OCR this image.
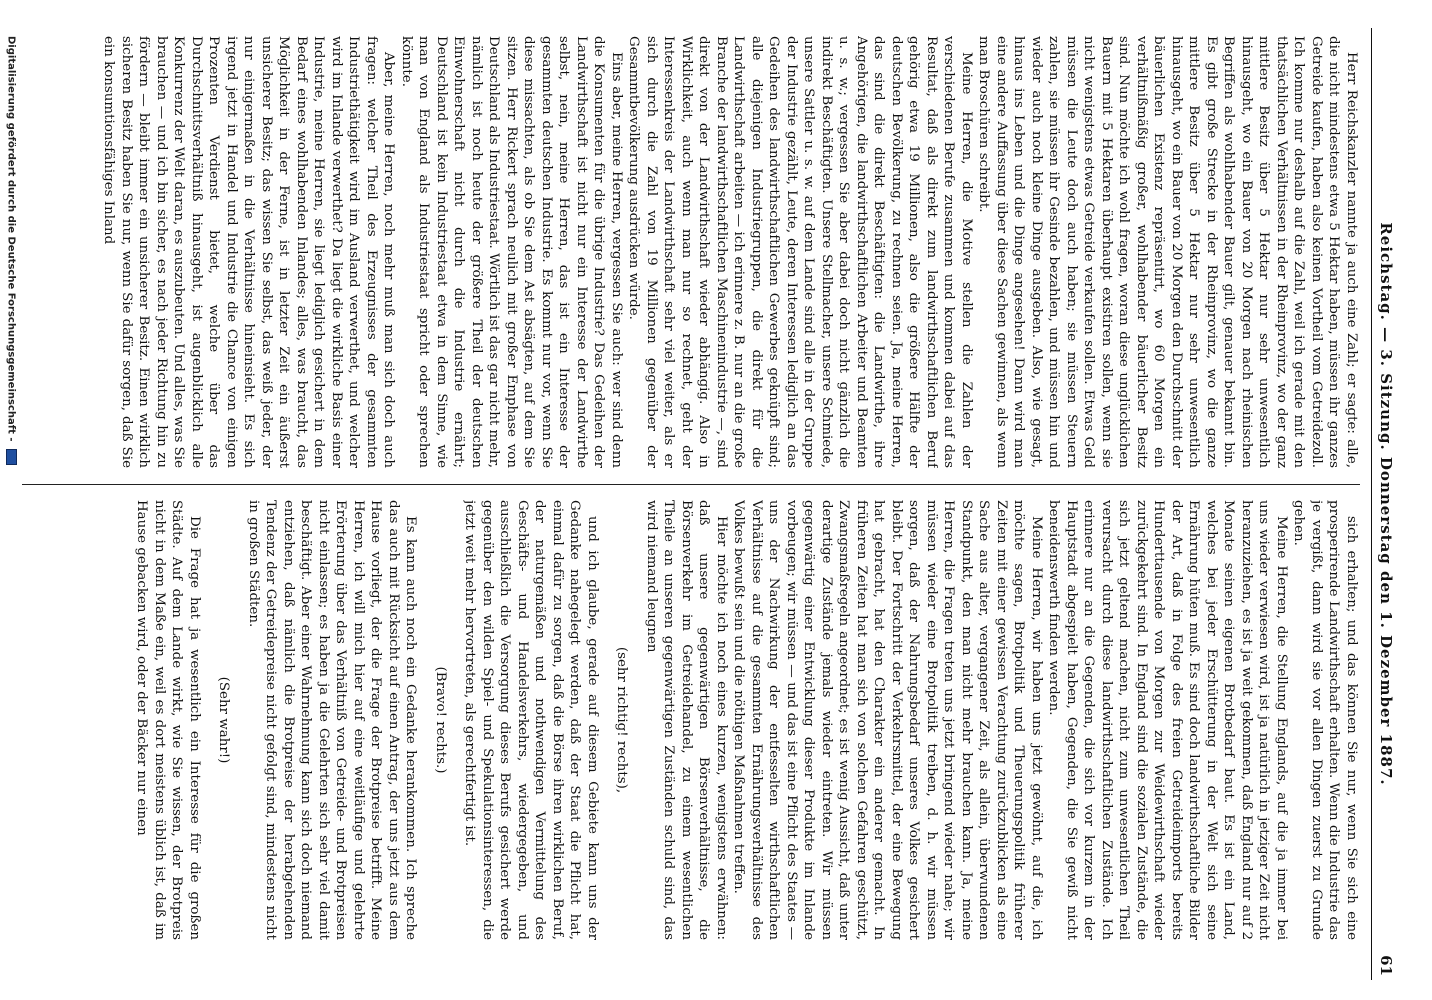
Reichstag. — 3. Sitzung. Donnerstag den 1. Dezember 1887.
61

Herr Reichskanzler nannte ja auch eine Zahl; er sagte: alle, die nicht mindestens etwa 5 Hektar haben, müssen ihr ganzes Getreide kaufen, haben also keinen Vortheil vom Getreidezoll. Ich komme nur deshalb auf die Zahl, weil ich gerade mit den thatsächlichen Verhältnissen in der Rheinprovinz, wo der ganz mittlere Besitz über 5 Hektar nur sehr unwesentlich hinausgeht, wo ein Bauer von 20 Morgen nach rheinischen Begriffen als wohlhabender Bauer gilt, genauer bekannt bin. Es gibt große Strecke in der Rheinprovinz, wo die ganze mittlere Besitz über 5 Hektar nur sehr unwesentlich hinausgeht, wo ein Bauer von 20 Morgen den Durchschnitt der bäuerlichen Existenz repräsentirt, wo 60 Morgen ein verhältnißmäßig großer, wohlhabender bäuerlicher Besitz sind. Nun möchte ich wohl fragen, woran diese unglücklichen Bauern mit 5 Hektaren überhaupt existiren sollen, wenn sie nicht wenigstens etwas Getreide verkaufen sollen. Etwas Geld müssen die Leute doch auch haben; sie müssen Steuern zahlen, sie müssen ihr Gesinde bezahlen, und müssen hin und wieder auch noch kleine Dinge ausgeben. Also, wie gesagt, hinaus ins Leben und die Dinge angesehen! Dann wird man eine andere Auffassung über diese Sachen gewinnen, als wenn man Broschüren schreibt.

Meine Herren, die Motive stellen die Zahlen der verschiedenen Berufe zusammen und kommen dabei auf das Resultat, daß als direkt zum landwirthschaftlichen Beruf gehörig etwa 19 Millionen, also die größere Hälfte der deutschen Bevölkerung, zu rechnen seien. Ja, meine Herren, das sind die direkt Beschäftigten: die Landwirthe, ihre Angehörigen, die landwirthschaftlichen Arbeiter und Beamten u. s. w.; vergessen Sie aber dabei doch nicht gänzlich die indirekt Beschäftigten. Unsere Stellmacher, unsere Schmiede, unsere Sattler u. s. w. auf dem Lande sind alle in der Gruppe der Industrie gezählt, Leute, deren Interessen lediglich an das Gedeihen des landwirthschaftlichen Gewerbes geknüpft sind; alle diejenigen Industriegruppen, die direkt für die Landwirthschaft arbeiten — ich erinnere z. B. nur an die große Branche der landwirthschaftlichen Maschinenindustrie —, sind direkt von der Landwirthschaft wieder abhängig. Also in Wirklichkeit, auch wenn man nur so rechnet, geht der Interessenkreis der Landwirthschaft sehr viel weiter, als er sich durch die Zahl von 19 Millionen gegenüber der Gesammtbevölkerung ausdrücken würde.

Eins aber, meine Herren, vergessen Sie auch: wer sind denn die Konsumenten für die übrige Industrie? Das Gedeihen der Landwirthschaft ist nicht nur ein Interesse der Landwirthe selbst, nein, meine Herren, das ist ein Interesse der gesammten deutschen Industrie. Es kommt nur vor, wenn Sie diese missachten, als ob Sie dem Ast absägten, auf dem Sie sitzen. Herr Rickert sprach neulich mit großer Emphase von Deutschland als Industriestaat. Wörtlich ist das gar nicht mehr, nämlich ist noch heute der größere Theil der deutschen Einwohnerschaft nicht durch die Industrie ernährt; Deutschland ist kein Industriestaat etwa in dem Sinne, wie man von England als Industriestaat spricht oder sprechen könnte.

Aber, meine Herren, noch mehr muß man sich doch auch fragen: welcher Theil des Erzeugnisses der gesammten Industriethätigkeit wird im Ausland verwerthet, und welcher wird im Inlande verwerthet? Da liegt die wirkliche Basis einer Industrie, meine Herren, sie liegt lediglich gesichert in dem Bedarf eines wohlhabenden Inlandes; alles, was braucht, das Möglichkeit in der Ferne, ist in letzter Zeit ein äußerst unsicherer Besitz; das wissen Sie selbst, das weiß jeder, der nur einigermaßen in die Verhältnisse hineinsieht. Es sich irgend jetzt in Handel und Industrie die Chance von einigen Prozenten Verdienst bietet, welche über das Durchschnittsverhältniß hinausgeht, ist augenblicklich alle Konkurrenz der Welt daran, es auszubeuten. Und alles, was Sie brauchen — und ich bin sicher, es nach jeder Richtung hin zu fördern — bleibt immer ein unsicherer Besitz. Einen wirklich sicheren Besitz haben Sie nur, wenn Sie dafür sorgen, daß Sie ein konsumtionsfähiges Inland

sich erhalten; und das können Sie nur, wenn Sie sich eine prosperirende Landwirthschaft erhalten. Wenn die Industrie das je vergißt, dann wird sie vor allen Dingen zuerst zu Grunde gehen.

Meine Herren, die Stellung Englands, auf die ja immer bei uns wieder verwiesen wird, ist ja natürlich in jetziger Zeit nicht heranzuziehen, es ist ja weit gekommen, daß England nur auf 2 Monate seinen eigenen Brotbedarf baut. Es ist ein Land, welches bei jeder Erschütterung in der Welt sich seine Ernährung hüten muß. Es sind doch landwirthschaftliche Bilder der Art, daß in Folge des freien Getreideimports bereits Hunderttausende von Morgen zur Weidewirthschaft wieder zurückgekehrt sind. In England sind die sozialen Zustände, die sich jetzt geltend machen, nicht zum unwesentlichen Theil verursacht durch diese landwirthschaftlichen Zustände. Ich erinnere nur an die Gegenden, die sich vor kurzem in der Hauptstadt abgespielt haben, Gegenden, die Sie gewiß nicht beneidenswerth finden werden.

Meine Herren, wir haben uns jetzt gewöhnt, auf die, ich möchte sagen, Brotpolitik und Theuerungspolitik früherer Zeiten mit einer gewissen Verachtung zurückzublicken als eine Sache aus alter, vergangener Zeit, als allein, überwundenen Standpunkt, den man nicht mehr brauchen kann. Ja, meine Herren, die Fragen treten uns jetzt bringend wieder nahe; wir müssen wieder eine Brotpolitik treiben, d. h. wir müssen sorgen, daß der Nahrungsbedarf unseres Volkes gesichert bleibt. Der Fortschritt der Verkehrsmittel, der eine Bewegung hat gebracht, hat den Charakter ein anderer gemacht. In früheren Zeiten hat man sich von solchen Gefahren geschützt, Zwangsmaßregeln angeordnet; es ist wenig Aussicht, daß unter derartige Zustände jemals wieder eintreten. Wir müssen gegenwärtig einer Entwicklung dieser Produkte im Inlande vorbeugen; wir müssen — und das ist eine Pflicht des Staates — uns der Nachwirkung der entfesselten wirthschaftlichen Verhältnisse auf die gesammten Ernährungsverhältnisse des Volkes bewußt sein und die nöthigen Maßnahmen treffen.

Hier möchte ich noch eines kurzen, wenigstens erwähnen: daß unsere gegenwärtigen Börsenverhältnisse, die Börsenverkehr im Getreidehandel, zu einem wesentlichen Theile an unseren gegenwärtigen Zuständen schuld sind, das wird niemand leugnen

(sehr richtig! rechts),

und ich glaube, gerade auf diesem Gebiete kann uns der Gedanke nahegelegt werden, daß der Staat die Pflicht hat, einmal dafür zu sorgen, daß die Börse ihren wirklichen Beruf, der naturgemäßen und nothwendigen Vermittelung des Geschäfts- und Handelsverkehrs, wiedergegeben, und ausschließlich die Versorgung dieses Berufs gesichert werde gegenüber den wilden Spiel- und Spekulationsinteressen, die jetzt weit mehr hervortreten, als gerechtfertigt ist.

(Bravo! rechts.)

Es kann auch noch ein Gedanke herankommen. Ich spreche das auch mit Rücksicht auf einen Antrag, der uns jetzt aus dem Hause vorliegt, der die Frage der Brotpreise betrifft. Meine Herren, ich will mich hier auf eine weitläufige und gelehrte Erörterung über das Verhältniß von Getreide- und Brotpreisen nicht einlassen; es haben ja die Gelehrten sich sehr viel damit beschäftigt. Aber einer Wahrnehmung kann sich doch niemand entziehen, daß nämlich die Brotpreise der herabgehenden Tendenz der Getreidepreise nicht gefolgt sind, mindestens nicht in großen Städten.

(Sehr wahr!)

Die Frage hat ja wesentlich ein Interesse für die großen Städte. Auf dem Lande wirkt, wie Sie wissen, der Brotpreis nicht in dem Maße ein, weil es dort meistens üblich ist, daß im Hause gebacken wird, oder der Bäcker nur einen

Digitalisierung gefördert durch die Deutsche Forschungsgemeinschaft -
